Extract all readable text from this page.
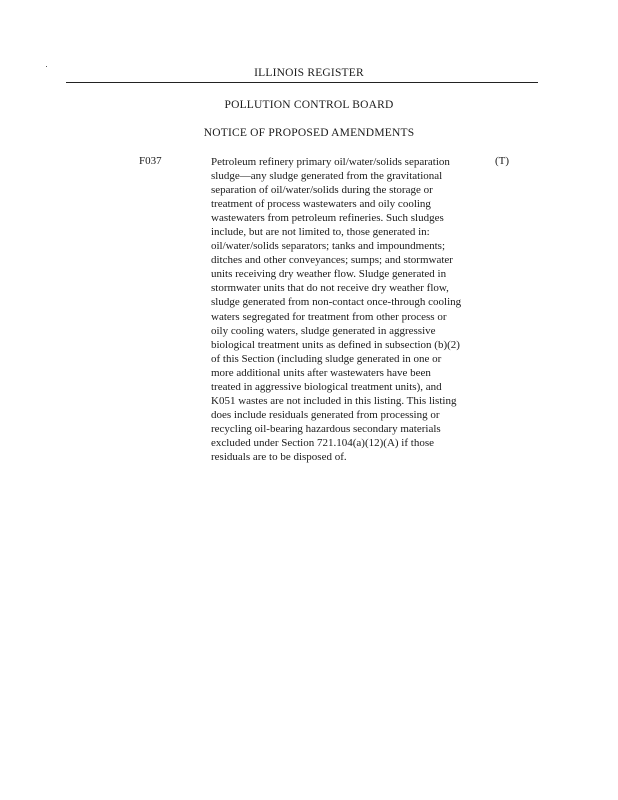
ILLINOIS REGISTER
POLLUTION CONTROL BOARD
NOTICE OF PROPOSED AMENDMENTS
F037	Petroleum refinery primary oil/water/solids separation
sludge—any sludge generated from the gravitational
separation of oil/water/solids during the storage or
treatment of process wastewaters and oily cooling
wastewaters from petroleum refineries. Such sludges
include, but are not limited to, those generated in:
oil/water/solids separators; tanks and impoundments;
ditches and other conveyances; sumps; and stormwater
units receiving dry weather flow. Sludge generated in
stormwater units that do not receive dry weather flow,
sludge generated from non-contact once-through cooling
waters segregated for treatment from other process or
oily cooling waters, sludge generated in aggressive
biological treatment units as defined in subsection (b)(2)
of this Section (including sludge generated in one or
more additional units after wastewaters have been
treated in aggressive biological treatment units), and
K051 wastes are not included in this listing. This listing
does include residuals generated from processing or
recycling oil-bearing hazardous secondary materials
excluded under Section 721.104(a)(12)(A) if those
residuals are to be disposed of.
(T)
